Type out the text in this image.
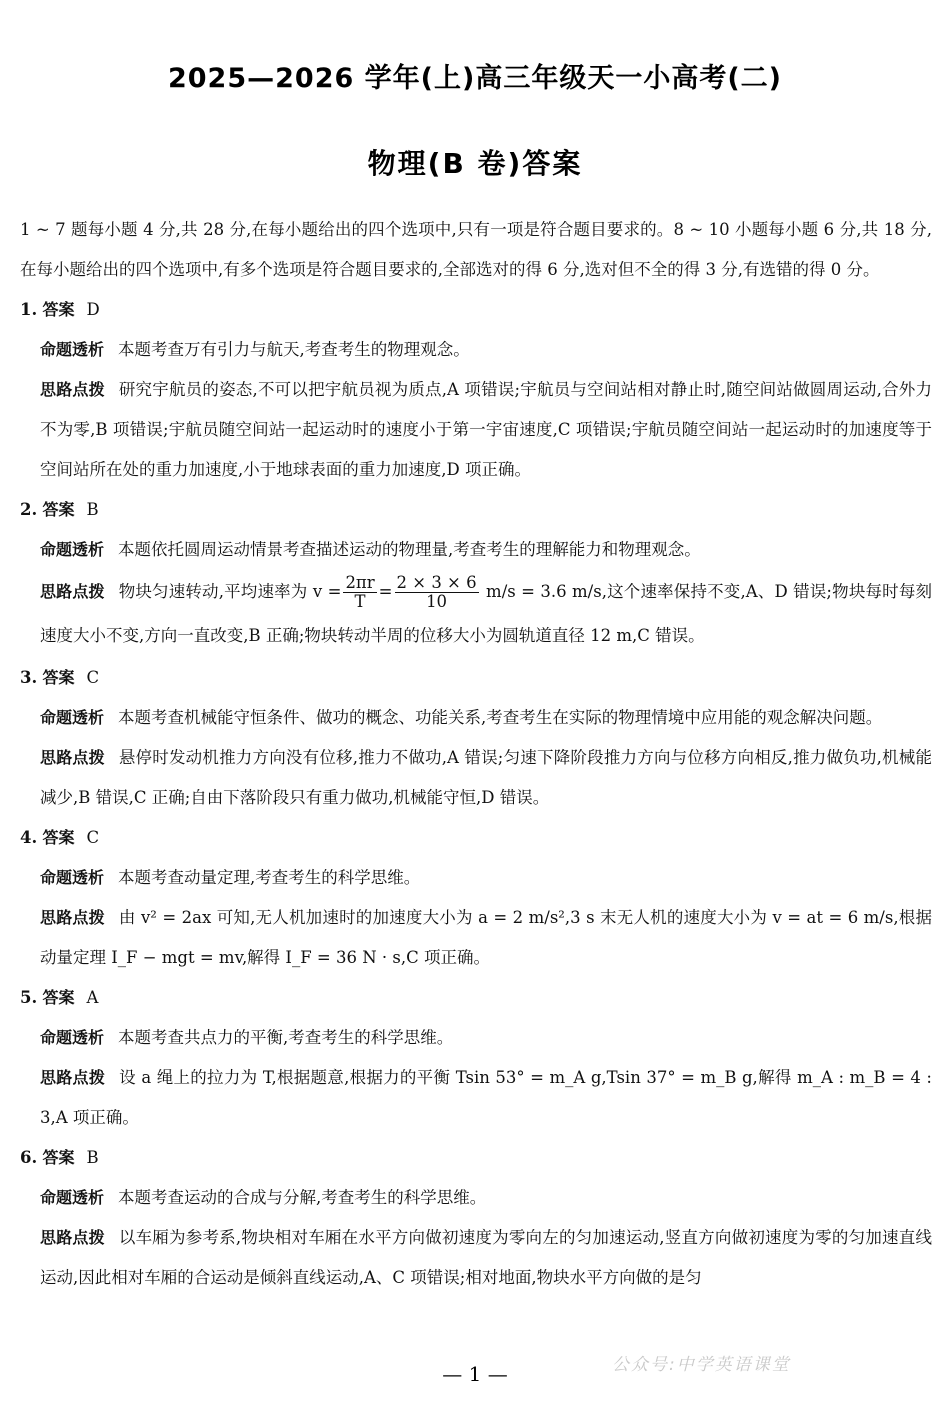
2025—2026 学年(上)高三年级天一小高考(二)
物理(B 卷)答案

1 ~ 7 题每小题 4 分,共 28 分,在每小题给出的四个选项中,只有一项是符合题目要求的。8 ~ 10 小题每小题 6 分,共 18 分,在每小题给出的四个选项中,有多个选项是符合题目要求的,全部选对的得 6 分,选对但不全的得 3 分,有选错的得 0 分。

1. 答案 D

命题透析 本题考查万有引力与航天,考查考生的物理观念。

思路点拨 研究宇航员的姿态,不可以把宇航员视为质点,A 项错误;宇航员与空间站相对静止时,随空间站做圆周运动,合外力不为零,B 项错误;宇航员随空间站一起运动时的速度小于第一宇宙速度,C 项错误;宇航员随空间站一起运动时的加速度等于空间站所在处的重力加速度,小于地球表面的重力加速度,D 项正确。

2. 答案 B

命题透析 本题依托圆周运动情景考查描述运动的物理量,考查考生的理解能力和物理观念。

思路点拨 物块匀速转动,平均速率为 $v = \frac{2\pi r}{T} = \frac{2 \times 3 \times 6}{10} m/s = 3.6$ m/s,这个速率保持不变,A、D 错误;物块每时每刻速度大小不变,方向一直改变,B 正确;物块转动半周的位移大小为圆轨道直径 12 m,C 错误。

3. 答案 C

命题透析 本题考查机械能守恒条件、做功的概念、功能关系,考查考生在实际的物理情境中应用能的观念解决问题。

思路点拨 悬停时发动机推力方向没有位移,推力不做功,A 错误;匀速下降阶段推力方向与位移方向相反,推力做负功,机械能减少,B 错误,C 正确;自由下落阶段只有重力做功,机械能守恒,D 错误。

4. 答案 C

命题透析 本题考查动量定理,考查考生的科学思维。

思路点拨 由 v² = 2ax 可知,无人机加速时的加速度大小为 a = 2 m/s²,3 s 末无人机的速度大小为 v = at = 6 m/s,根据动量定理 I_F − mgt = mv,解得 I_F = 36 N · s,C 项正确。

5. 答案 A

命题透析 本题考查共点力的平衡,考查考生的科学思维。

思路点拨 设 a 绳上的拉力为 T,根据题意,根据力的平衡 Tsin 53° = m_A g,Tsin 37° = m_B g,解得 m_A : m_B = 4 : 3,A 项正确。

6. 答案 B

命题透析 本题考查运动的合成与分解,考查考生的科学思维。

思路点拨 以车厢为参考系,物块相对车厢在水平方向做初速度为零向左的匀加速运动,竖直方向做初速度为零的匀加速直线运动,因此相对车厢的合运动是倾斜直线运动,A、C 项错误;相对地面,物块水平方向做的是匀

公众号:中学英语课堂
— 1 —
